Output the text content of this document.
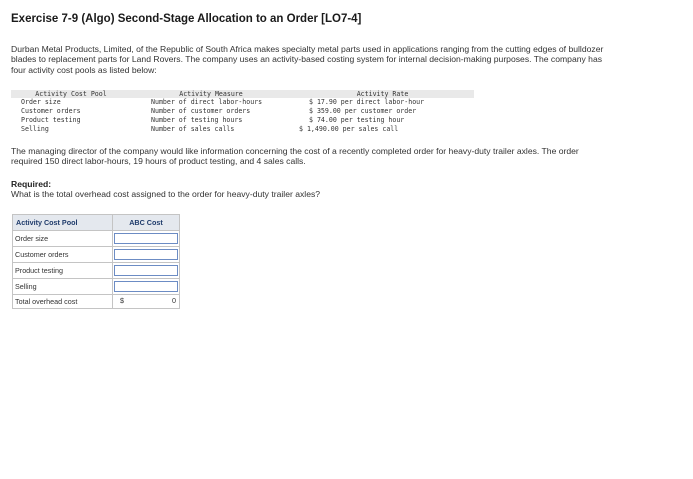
Exercise 7-9 (Algo) Second-Stage Allocation to an Order [LO7-4]

Durban Metal Products, Limited, of the Republic of South Africa makes specialty metal parts used in applications ranging from the cutting edges of bulldozer blades to replacement parts for Land Rovers. The company uses an activity-based costing system for internal decision-making purposes. The company has four activity cost pools as listed below:

Activity Cost Pool	Activity Measure	Activity Rate
Order size	Number of direct labor-hours	$ 17.90 per direct labor-hour
Customer orders	Number of customer orders	$ 359.00 per customer order
Product testing	Number of testing hours	$ 74.00 per testing hour
Selling	Number of sales calls	$ 1,490.00 per sales call

The managing director of the company would like information concerning the cost of a recently completed order for heavy-duty trailer axles. The order required 150 direct labor-hours, 19 hours of product testing, and 4 sales calls.

Required:
What is the total overhead cost assigned to the order for heavy-duty trailer axles?
Activity Cost Pool	ABC Cost
Order size	

Customer orders	

Product testing	

Selling	

Total overhead cost	$ 0
